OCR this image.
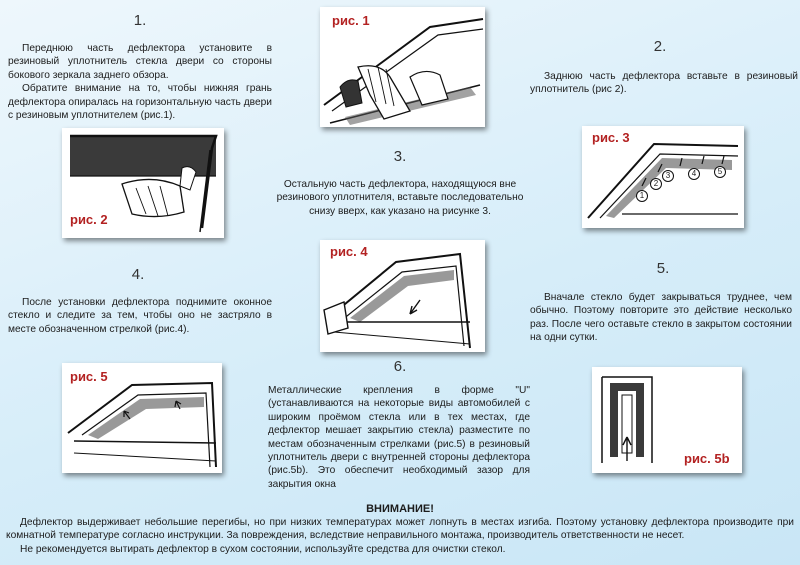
1.

Переднюю часть дефлектора установите в резиновый уплотнитель стекла двери со стороны бокового зеркала заднего обзора.

Обратите внимание на то, чтобы нижняя грань дефлектора опиралась на горизонтальную часть двери с резиновым уплотнителем (рис.1).

рис. 1
2.

Заднюю часть дефлектора вставьте в резиновый уплотнитель (рис 2).

рис. 2
3.

Остальную часть дефлектора, находящуюся вне резинового уплотнителя, вставьте последовательно снизу вверх, как указано на рисунке 3.

рис. 3
1
2
3	4	5
рис. 4
4.

После установки дефлектора поднимите оконное стекло и следите за тем, чтобы оно не застряло в месте обозначенном стрелкой (рис.4).

5.

Вначале стекло будет закрываться труднее, чем обычно. Поэтому повторите это действие несколько раз. После чего оставьте стекло в закрытом состоянии на одни сутки.

рис. 5
6.

Металлические крепления в форме "U" (устанавливаются на некоторые виды автомобилей с широким проёмом стекла или в тех местах, где дефлектор мешает закрытию стекла) разместите по местам обозначенным стрелками (рис.5) в резиновый уплотнитель двери с внутренней стороны дефлектора (рис.5b). Это обеспечит необходимый зазор для закрытия окна

рис. 5b
ВНИМАНИЕ!

Дефлектор выдерживает небольшие перегибы, но при низких температурах может лопнуть в местах изгиба. Поэтому установку дефлектора производите при комнатной температуре согласно инструкции. За повреждения, вследствие неправильного монтажа, производитель ответственности не несет.

Не рекомендуется вытирать дефлектор в сухом состоянии, используйте средства для очистки стекол.
